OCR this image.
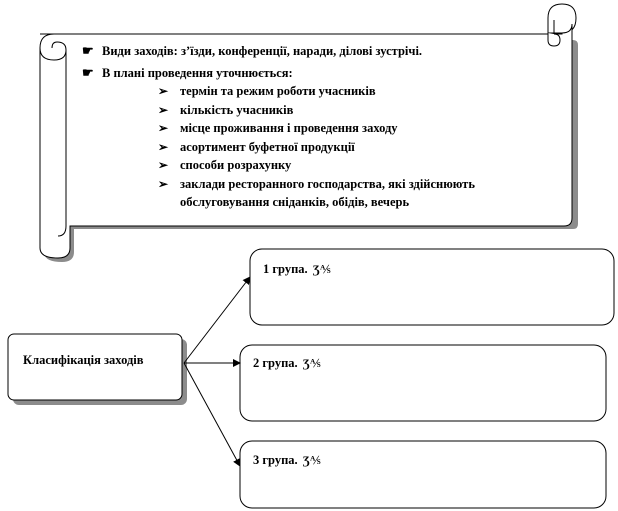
☛ Види заходів: з’їзди, конференції, наради, ділові зустрічі.
☛ В плані проведення уточнюється:
➢ термін та режим роботи учасників
➢ кількість учасників
➢ місце проживання і проведення заходу
➢ асортимент буфетної продукції
➢ способи розрахунку
➢ заклади ресторанного господарства, які здійснюють
обслуговування сніданків, обідів, вечерь
Класифікація заходів
1 група. Ʒ⅍
2 група. Ʒ⅍
3 група. Ʒ⅍
